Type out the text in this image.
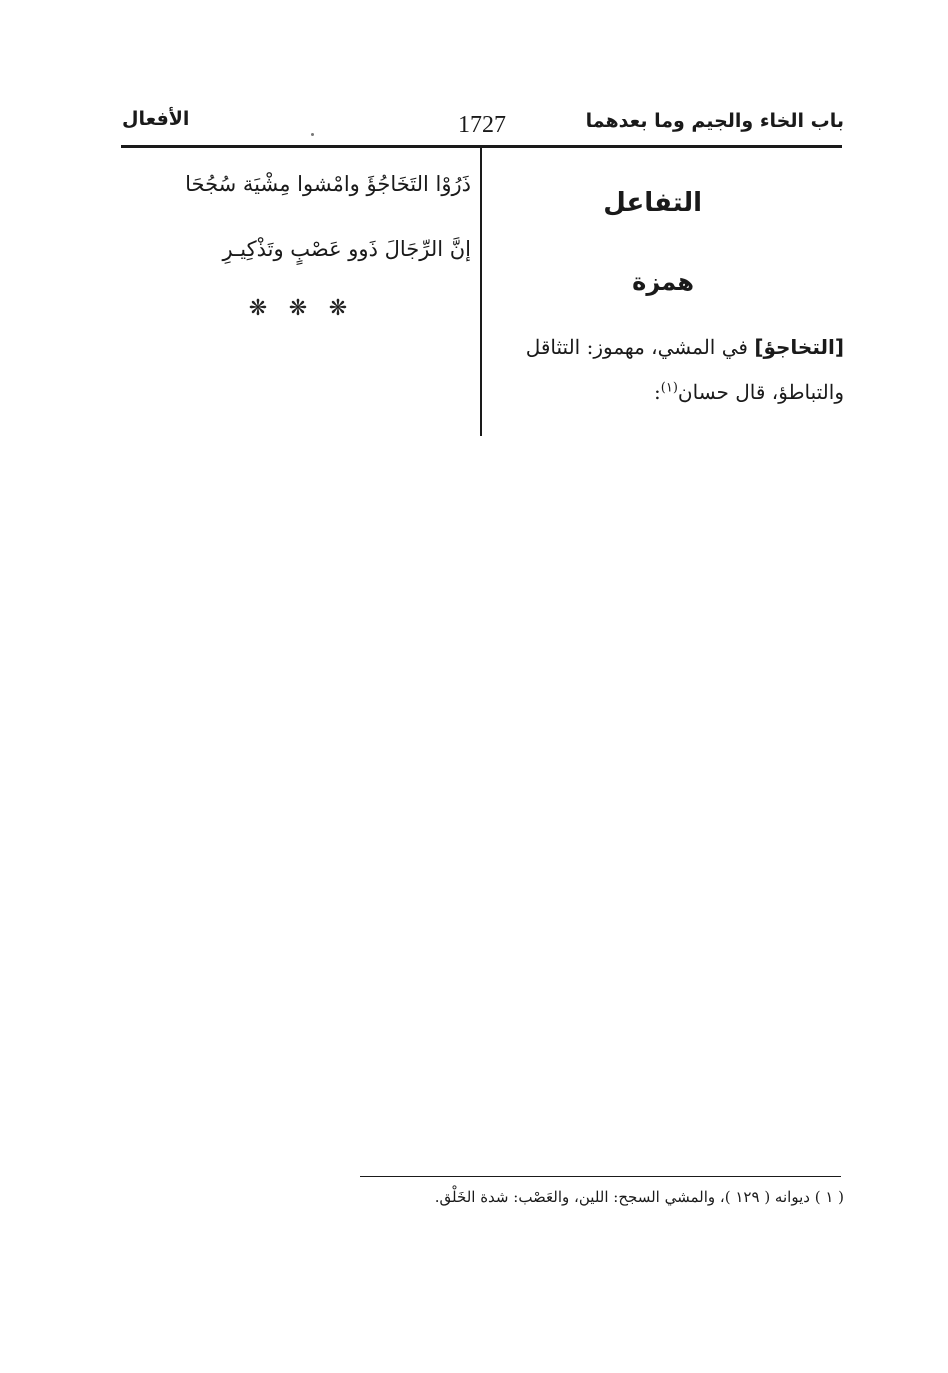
باب الخاء والجيم وما بعدهما
1727
الأفعال
التفاعل
همزة
[التخاجؤ] في المشي، مهموز: التثاقل
والتباطؤ، قال حسان$^{(١)}$:
ذَرُوْا التَخَاجُؤَ وامْشوا مِشْيَة سُجُحَا
إنَّ الرِّجَالَ ذَوو عَصْبٍ وتَذْكِيـرِ
❋ ❋ ❋
( ١ ) ديوانه ( ١٢٩ )، والمشي السجح: اللين، والعَصْب: شدة الخَلْق.
